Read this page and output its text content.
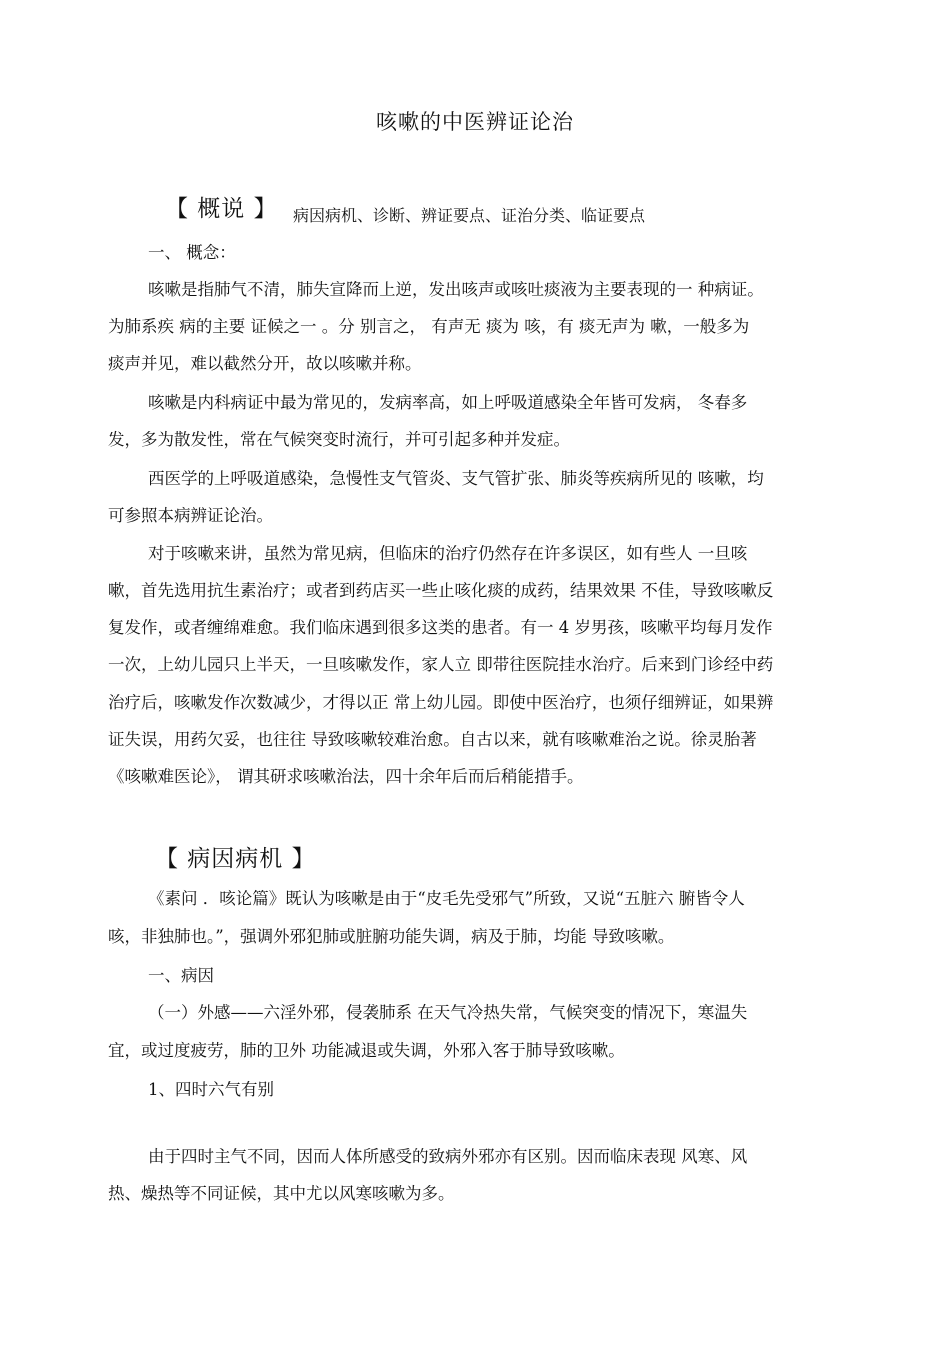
咳嗽的中医辨证论治
【 概说 】 病因病机、诊断、辨证要点、证治分类、临证要点
一、 概念：
咳嗽是指肺气不清，肺失宣降而上逆，发出咳声或咳吐痰液为主要表现的一 种病证。
为肺系疾 病的主要 证候之一 。分 别言之， 有声无 痰为 咳，有 痰无声为 嗽，一般多为
痰声并见，难以截然分开，故以咳嗽并称。
咳嗽是内科病证中最为常见的，发病率高，如上呼吸道感染全年皆可发病， 冬春多
发，多为散发性，常在气候突变时流行，并可引起多种并发症。
西医学的上呼吸道感染，急慢性支气管炎、支气管扩张、肺炎等疾病所见的 咳嗽，均
可参照本病辨证论治。
对于咳嗽来讲，虽然为常见病，但临床的治疗仍然存在许多误区，如有些人 一旦咳
嗽，首先选用抗生素治疗；或者到药店买一些止咳化痰的成药，结果效果 不佳，导致咳嗽反
复发作，或者缠绵难愈。我们临床遇到很多这类的患者。有一 4 岁男孩，咳嗽平均每月发作
一次，上幼儿园只上半天，一旦咳嗽发作，家人立 即带往医院挂水治疗。后来到门诊经中药
治疗后，咳嗽发作次数减少，才得以正 常上幼儿园。即使中医治疗，也须仔细辨证，如果辨
证失误，用药欠妥，也往往 导致咳嗽较难治愈。自古以来，就有咳嗽难治之说。徐灵胎著
《咳嗽难医论》， 谓其研求咳嗽治法，四十余年后而后稍能措手。
【 病因病机 】
《素问 ．咳论篇》既认为咳嗽是由于“皮毛先受邪气”所致，又说“五脏六 腑皆令人
咳，非独肺也。”，强调外邪犯肺或脏腑功能失调，病及于肺，均能 导致咳嗽。
一、病因
（一）外感——六淫外邪，侵袭肺系 在天气冷热失常，气候突变的情况下，寒温失
宜，或过度疲劳，肺的卫外 功能减退或失调，外邪入客于肺导致咳嗽。
1、四时六气有别
由于四时主气不同，因而人体所感受的致病外邪亦有区别。因而临床表现 风寒、风
热、燥热等不同证候，其中尤以风寒咳嗽为多。
